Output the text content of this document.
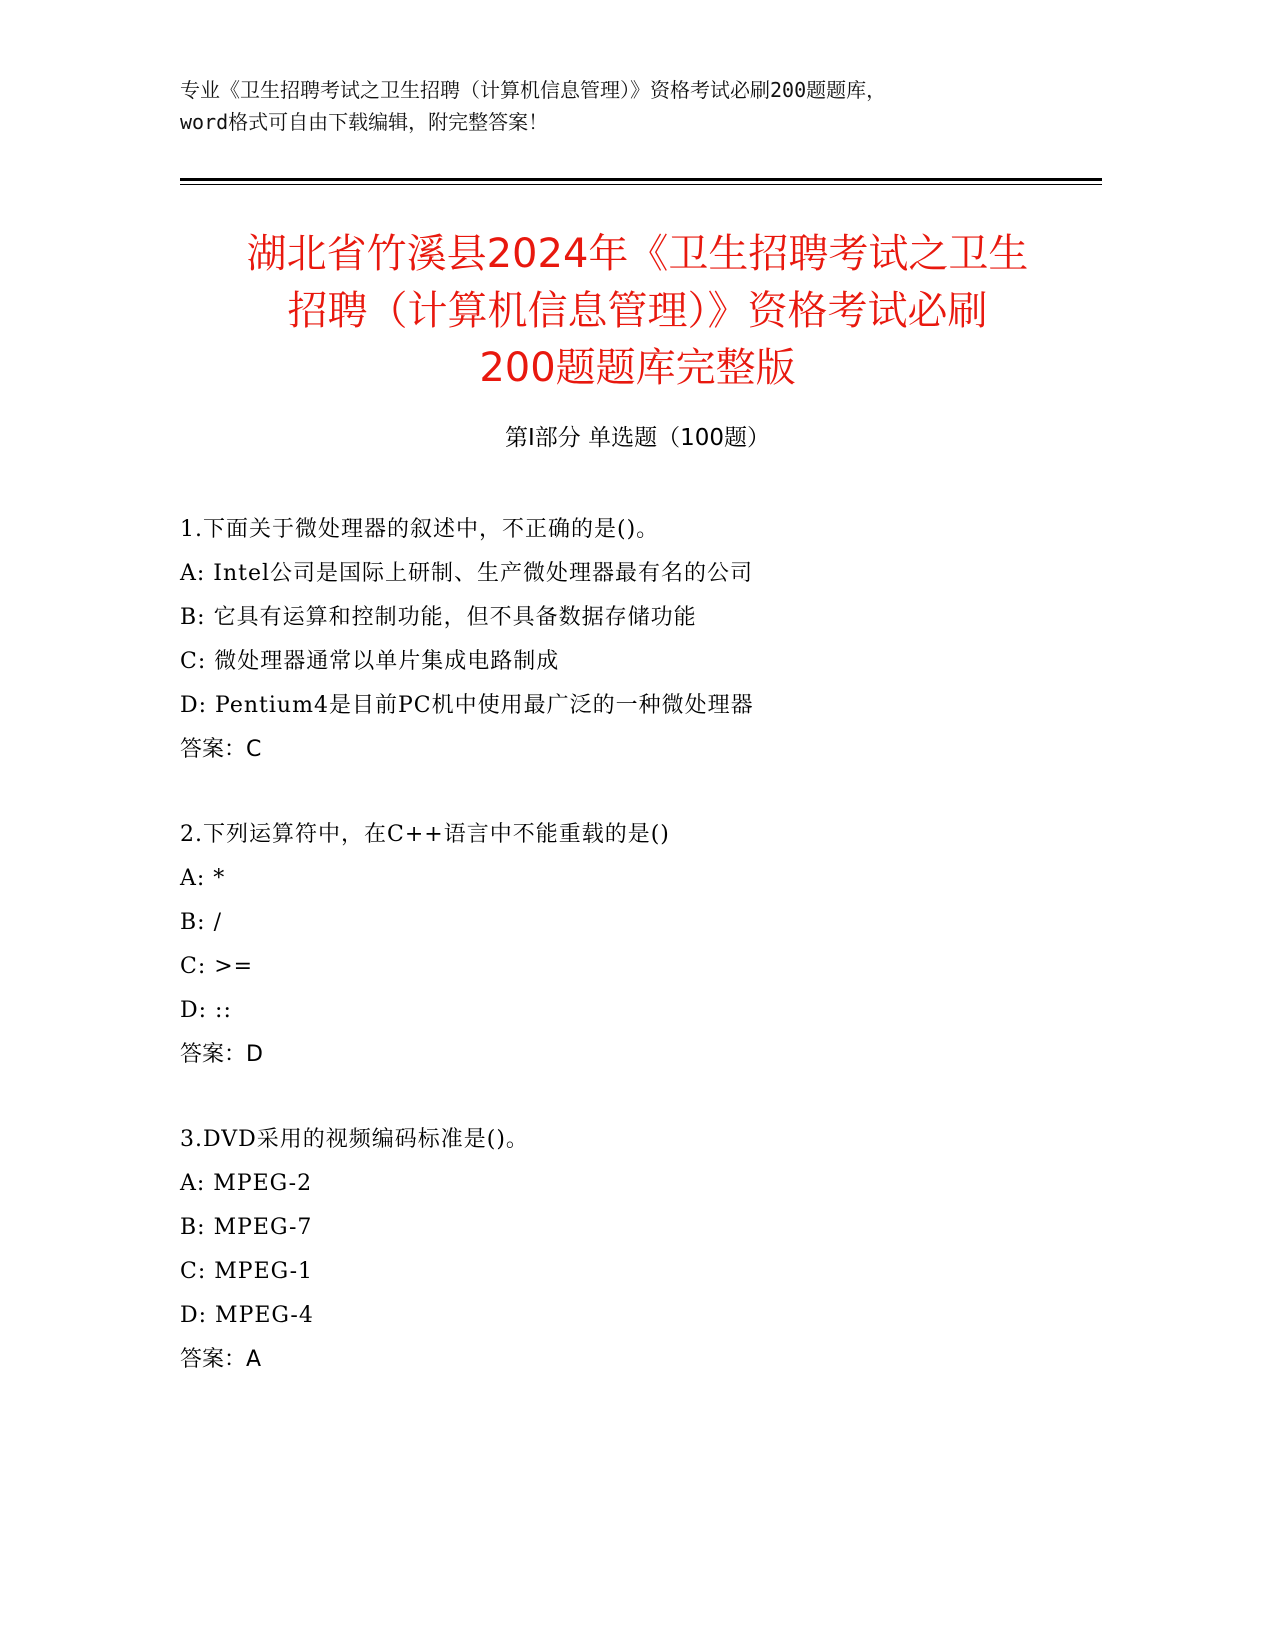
专业《卫生招聘考试之卫生招聘（计算机信息管理）》资格考试必刷200题题库，
word格式可自由下载编辑，附完整答案！
湖北省竹溪县2024年《卫生招聘考试之卫生
招聘（计算机信息管理）》资格考试必刷
200题题库完整版
第Ⅰ部分 单选题（100题）
1.下面关于微处理器的叙述中，不正确的是()。
A: Intel公司是国际上研制、生产微处理器最有名的公司
B: 它具有运算和控制功能，但不具备数据存储功能
C: 微处理器通常以单片集成电路制成
D: Pentium4是目前PC机中使用最广泛的一种微处理器
答案：C
2.下列运算符中，在C++语言中不能重载的是()
A: *
B: /
C: >=
D: ::
答案：D
3.DVD采用的视频编码标准是()。
A: MPEG-2
B: MPEG-7
C: MPEG-1
D: MPEG-4
答案：A
